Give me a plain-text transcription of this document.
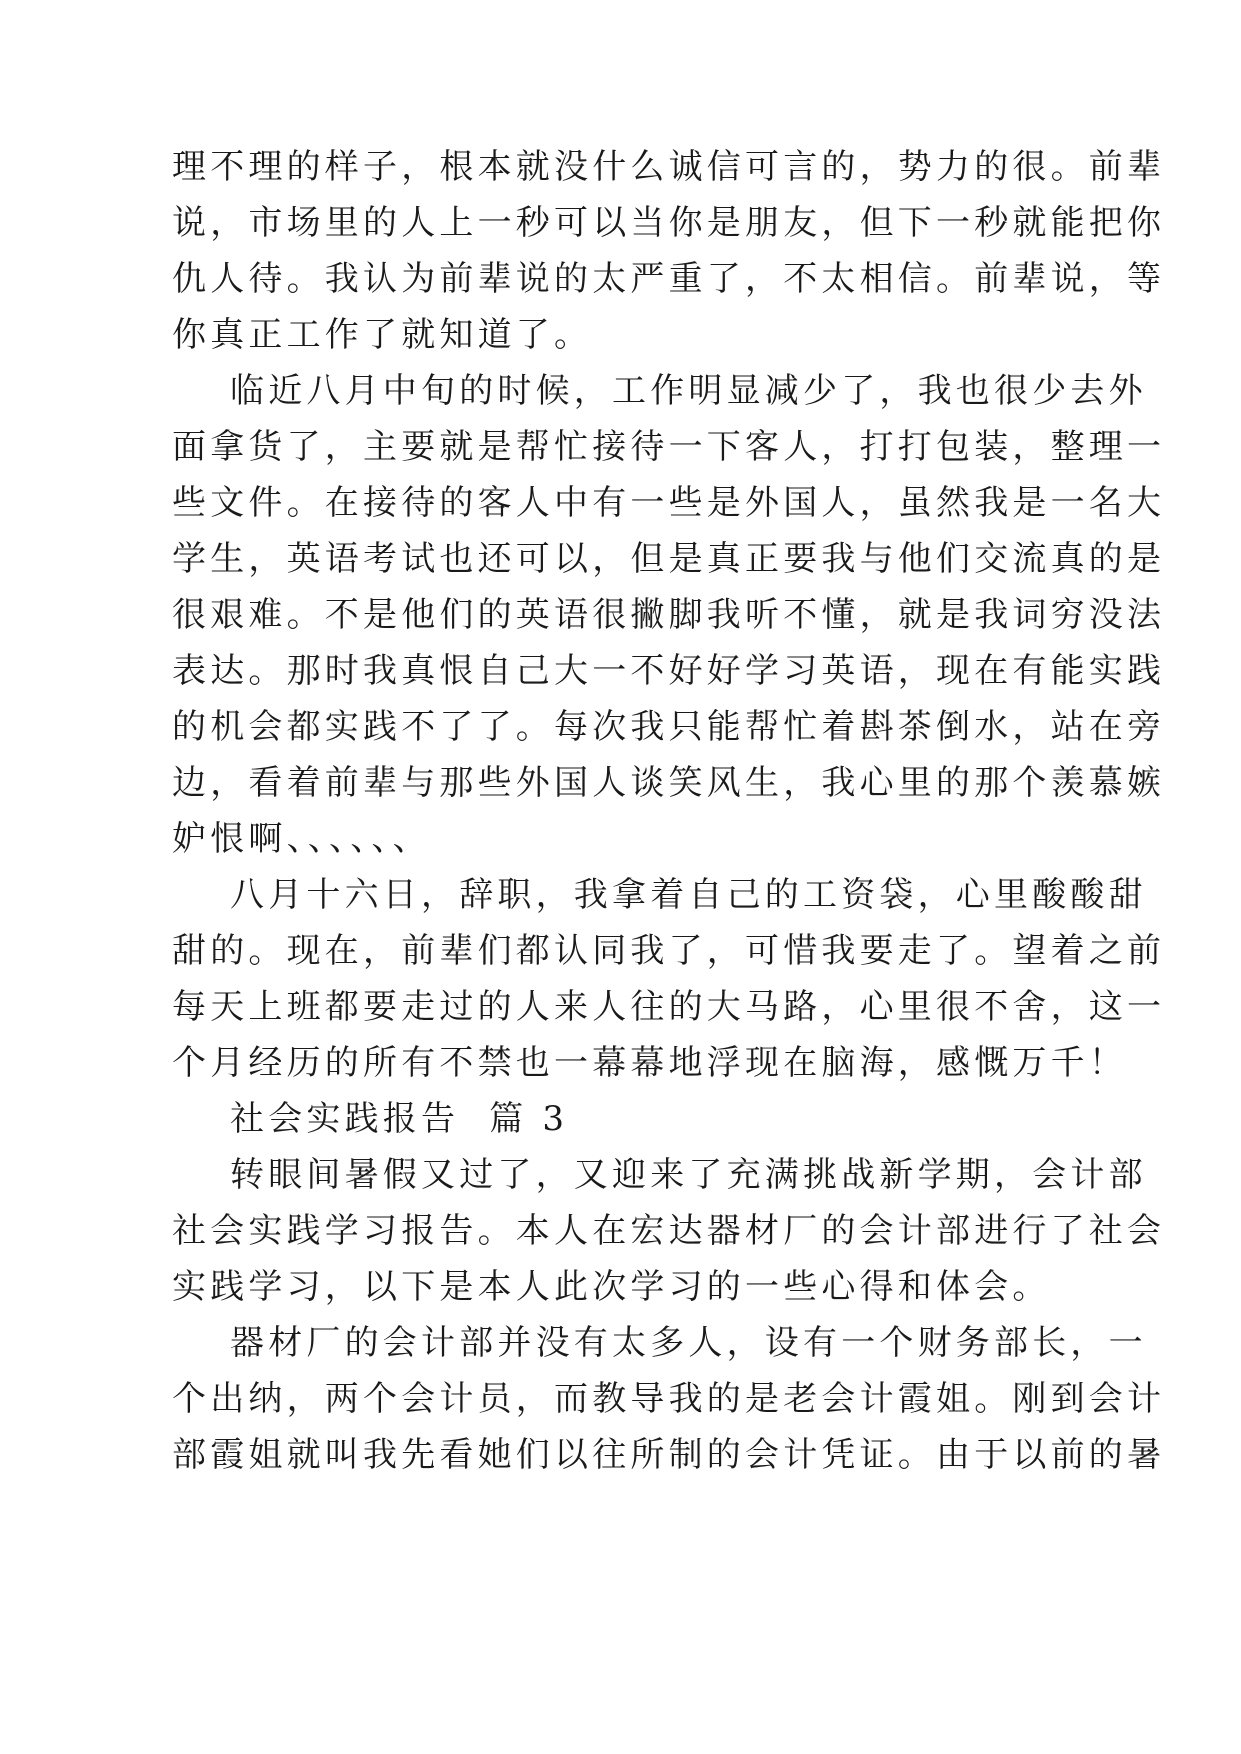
理不理的样子，根本就没什么诚信可言的，势力的很。前辈
说，市场里的人上一秒可以当你是朋友，但下一秒就能把你
仇人待。我认为前辈说的太严重了，不太相信。前辈说，等
你真正工作了就知道了。
临近八月中旬的时候，工作明显减少了，我也很少去外
面拿货了，主要就是帮忙接待一下客人，打打包装，整理一
些文件。在接待的客人中有一些是外国人，虽然我是一名大
学生，英语考试也还可以，但是真正要我与他们交流真的是
很艰难。不是他们的英语很撇脚我听不懂，就是我词穷没法
表达。那时我真恨自己大一不好好学习英语，现在有能实践
的机会都实践不了了。每次我只能帮忙着斟茶倒水，站在旁
边，看着前辈与那些外国人谈笑风生，我心里的那个羡慕嫉
妒恨啊、、、、、、
八月十六日，辞职，我拿着自己的工资袋，心里酸酸甜
甜的。现在，前辈们都认同我了，可惜我要走了。望着之前
每天上班都要走过的人来人往的大马路，心里很不舍，这一
个月经历的所有不禁也一幕幕地浮现在脑海，感慨万千！
社会实践报告  篇 3
转眼间暑假又过了，又迎来了充满挑战新学期，会计部
社会实践学习报告。本人在宏达器材厂的会计部进行了社会
实践学习，以下是本人此次学习的一些心得和体会。
器材厂的会计部并没有太多人，设有一个财务部长，一
个出纳，两个会计员，而教导我的是老会计霞姐。刚到会计
部霞姐就叫我先看她们以往所制的会计凭证。由于以前的暑
